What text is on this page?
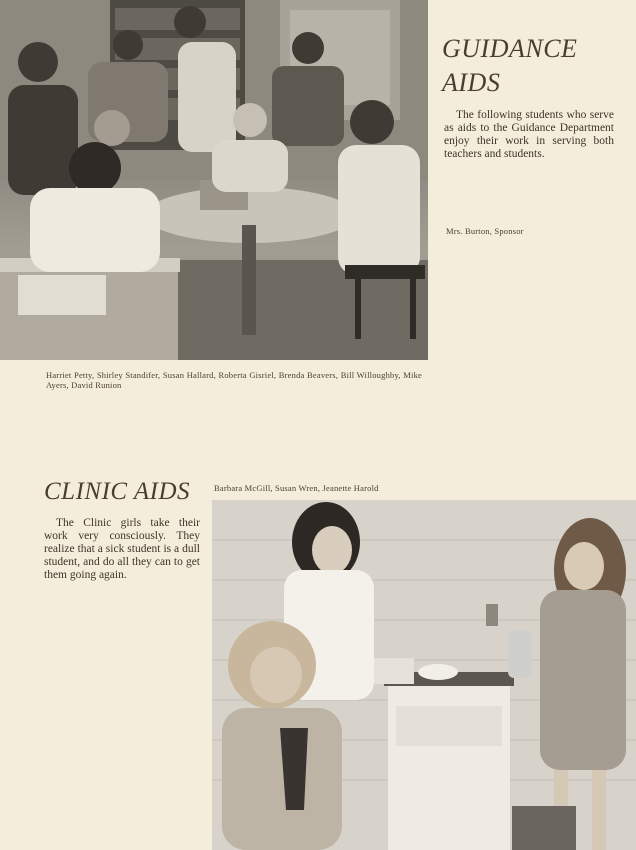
GUIDANCE
AIDS

The following students who serve as aids to the Guidance Department enjoy their work in serving both teachers and students.

Mrs. Burton, Sponsor

Harriet Petty, Shirley Standifer, Susan Hallard, Roberta Gisriel, Brenda Beavers, Bill Willoughby, Mike Ayers, David Runion

CLINIC AIDS	Barbara McGill, Susan Wren, Jeanette Harold

The Clinic girls take their work very consciously. They realize that a sick student is a dull student, and do all they can to get them going again.
